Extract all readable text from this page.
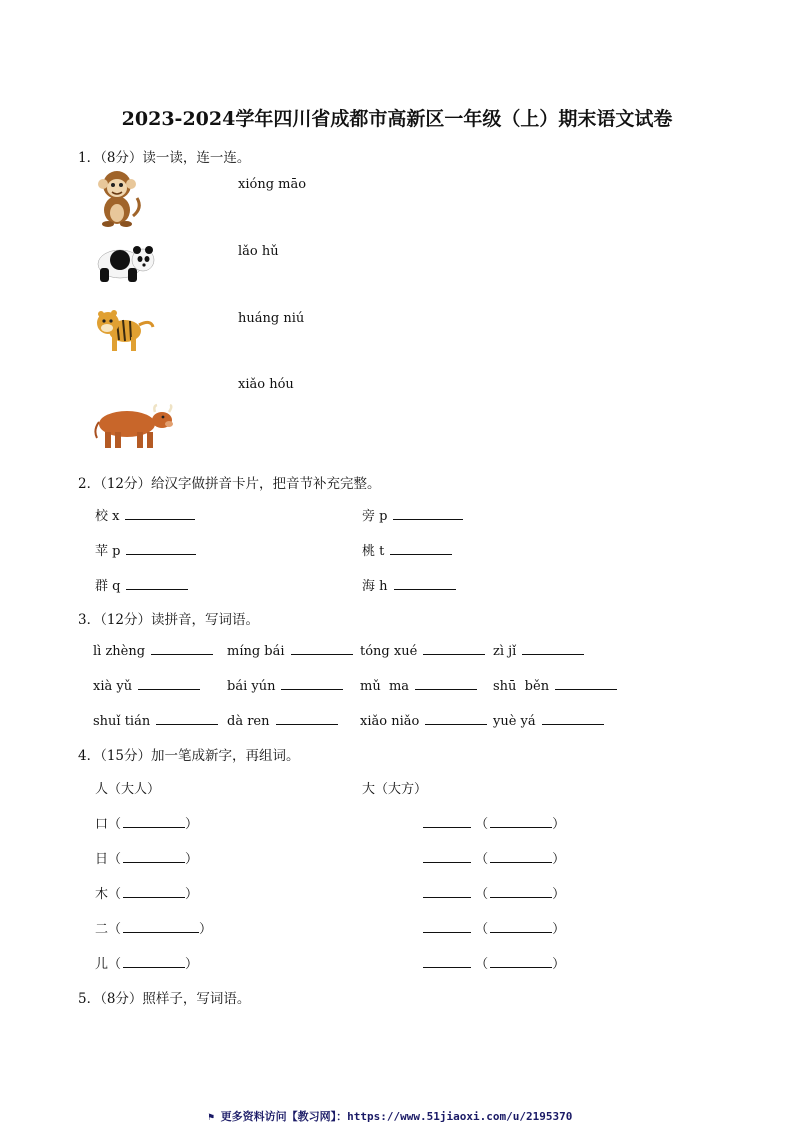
2023-2024学年四川省成都市高新区一年级（上）期末语文试卷
1．（8分）读一读，连一连。
xióng māo
lǎo hǔ
huáng niú
xiǎo hóu
2．（12分）给汉字做拼音卡片，把音节补充完整。
校 x	旁 p
苹 p	桃 t
群 q	海 h
3．（12分）读拼音，写词语。
lì zhèng	míng bái	tóng xué	zì jǐ
xià yǔ	bái yún	mǔ  ma	shū  běn
shuǐ tián	dà ren	xiǎo niǎo	yuè yá
4．（15分）加一笔成新字，再组词。
人（大人）	大（大方）
口（	）	（	）
日（	）	（	）
木（	）	（	）
二（	）	（	）
儿（	）	（	）
5．（8分）照样子，写词语。
⚑ 更多资料访问【教习网】：https://www.51jiaoxi.com/u/2195370
